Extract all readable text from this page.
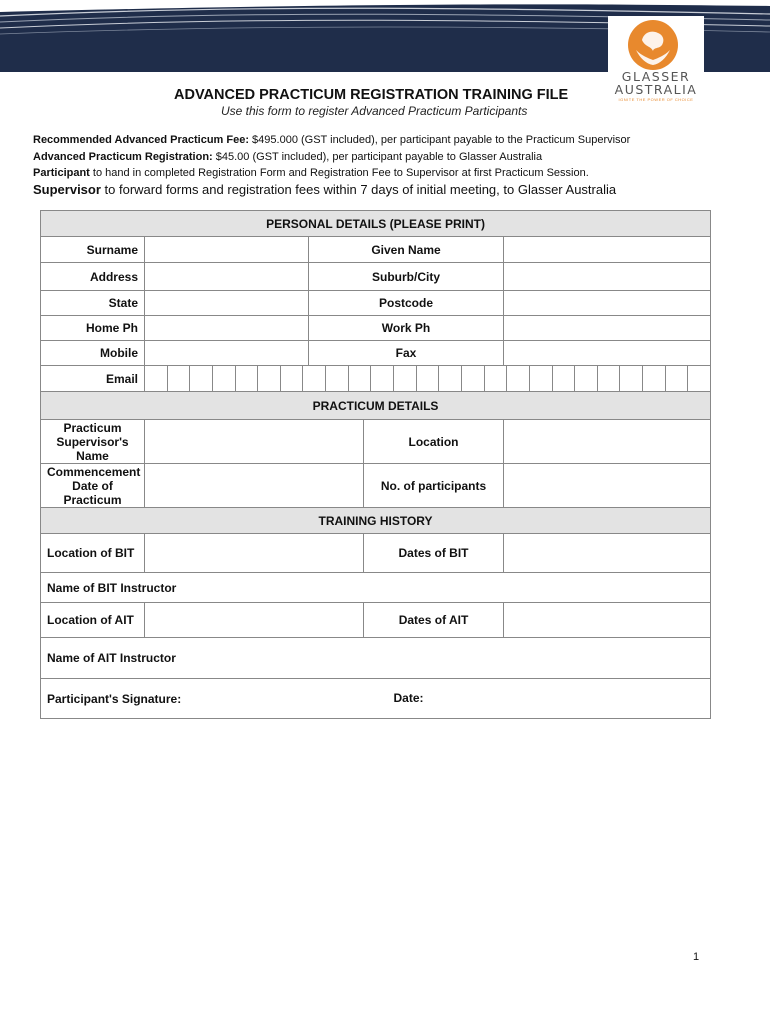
GLASSER
AUSTRALIA
IGNITE THE POWER OF CHOICE
ADVANCED PRACTICUM REGISTRATION TRAINING FILE
Use this form to register Advanced Practicum Participants
Recommended Advanced Practicum Fee: $495.000 (GST included), per participant payable to the Practicum Supervisor
Advanced Practicum Registration: $45.00 (GST included), per participant payable to Glasser Australia
Participant to hand in completed Registration Form and Registration Fee to Supervisor at first Practicum Session.
Supervisor to forward forms and registration fees within 7 days of initial meeting, to Glasser Australia
PERSONAL DETAILS (PLEASE PRINT)				
Surname		Given Name		
Address		Suburb/City		
State		Postcode		
Home Ph		Work Ph		
Mobile		Fax		
Email				

PRACTICUM DETAILS				
Practicum Supervisor's Name			Location	
Commencement Date of Practicum			No. of participants	
TRAINING HISTORY				
Location of BIT			Dates of BIT	
Name of BIT Instructor				
Location of AIT			Dates of AIT	
Name of AIT Instructor				
Participant's Signature:			Date:	
1
